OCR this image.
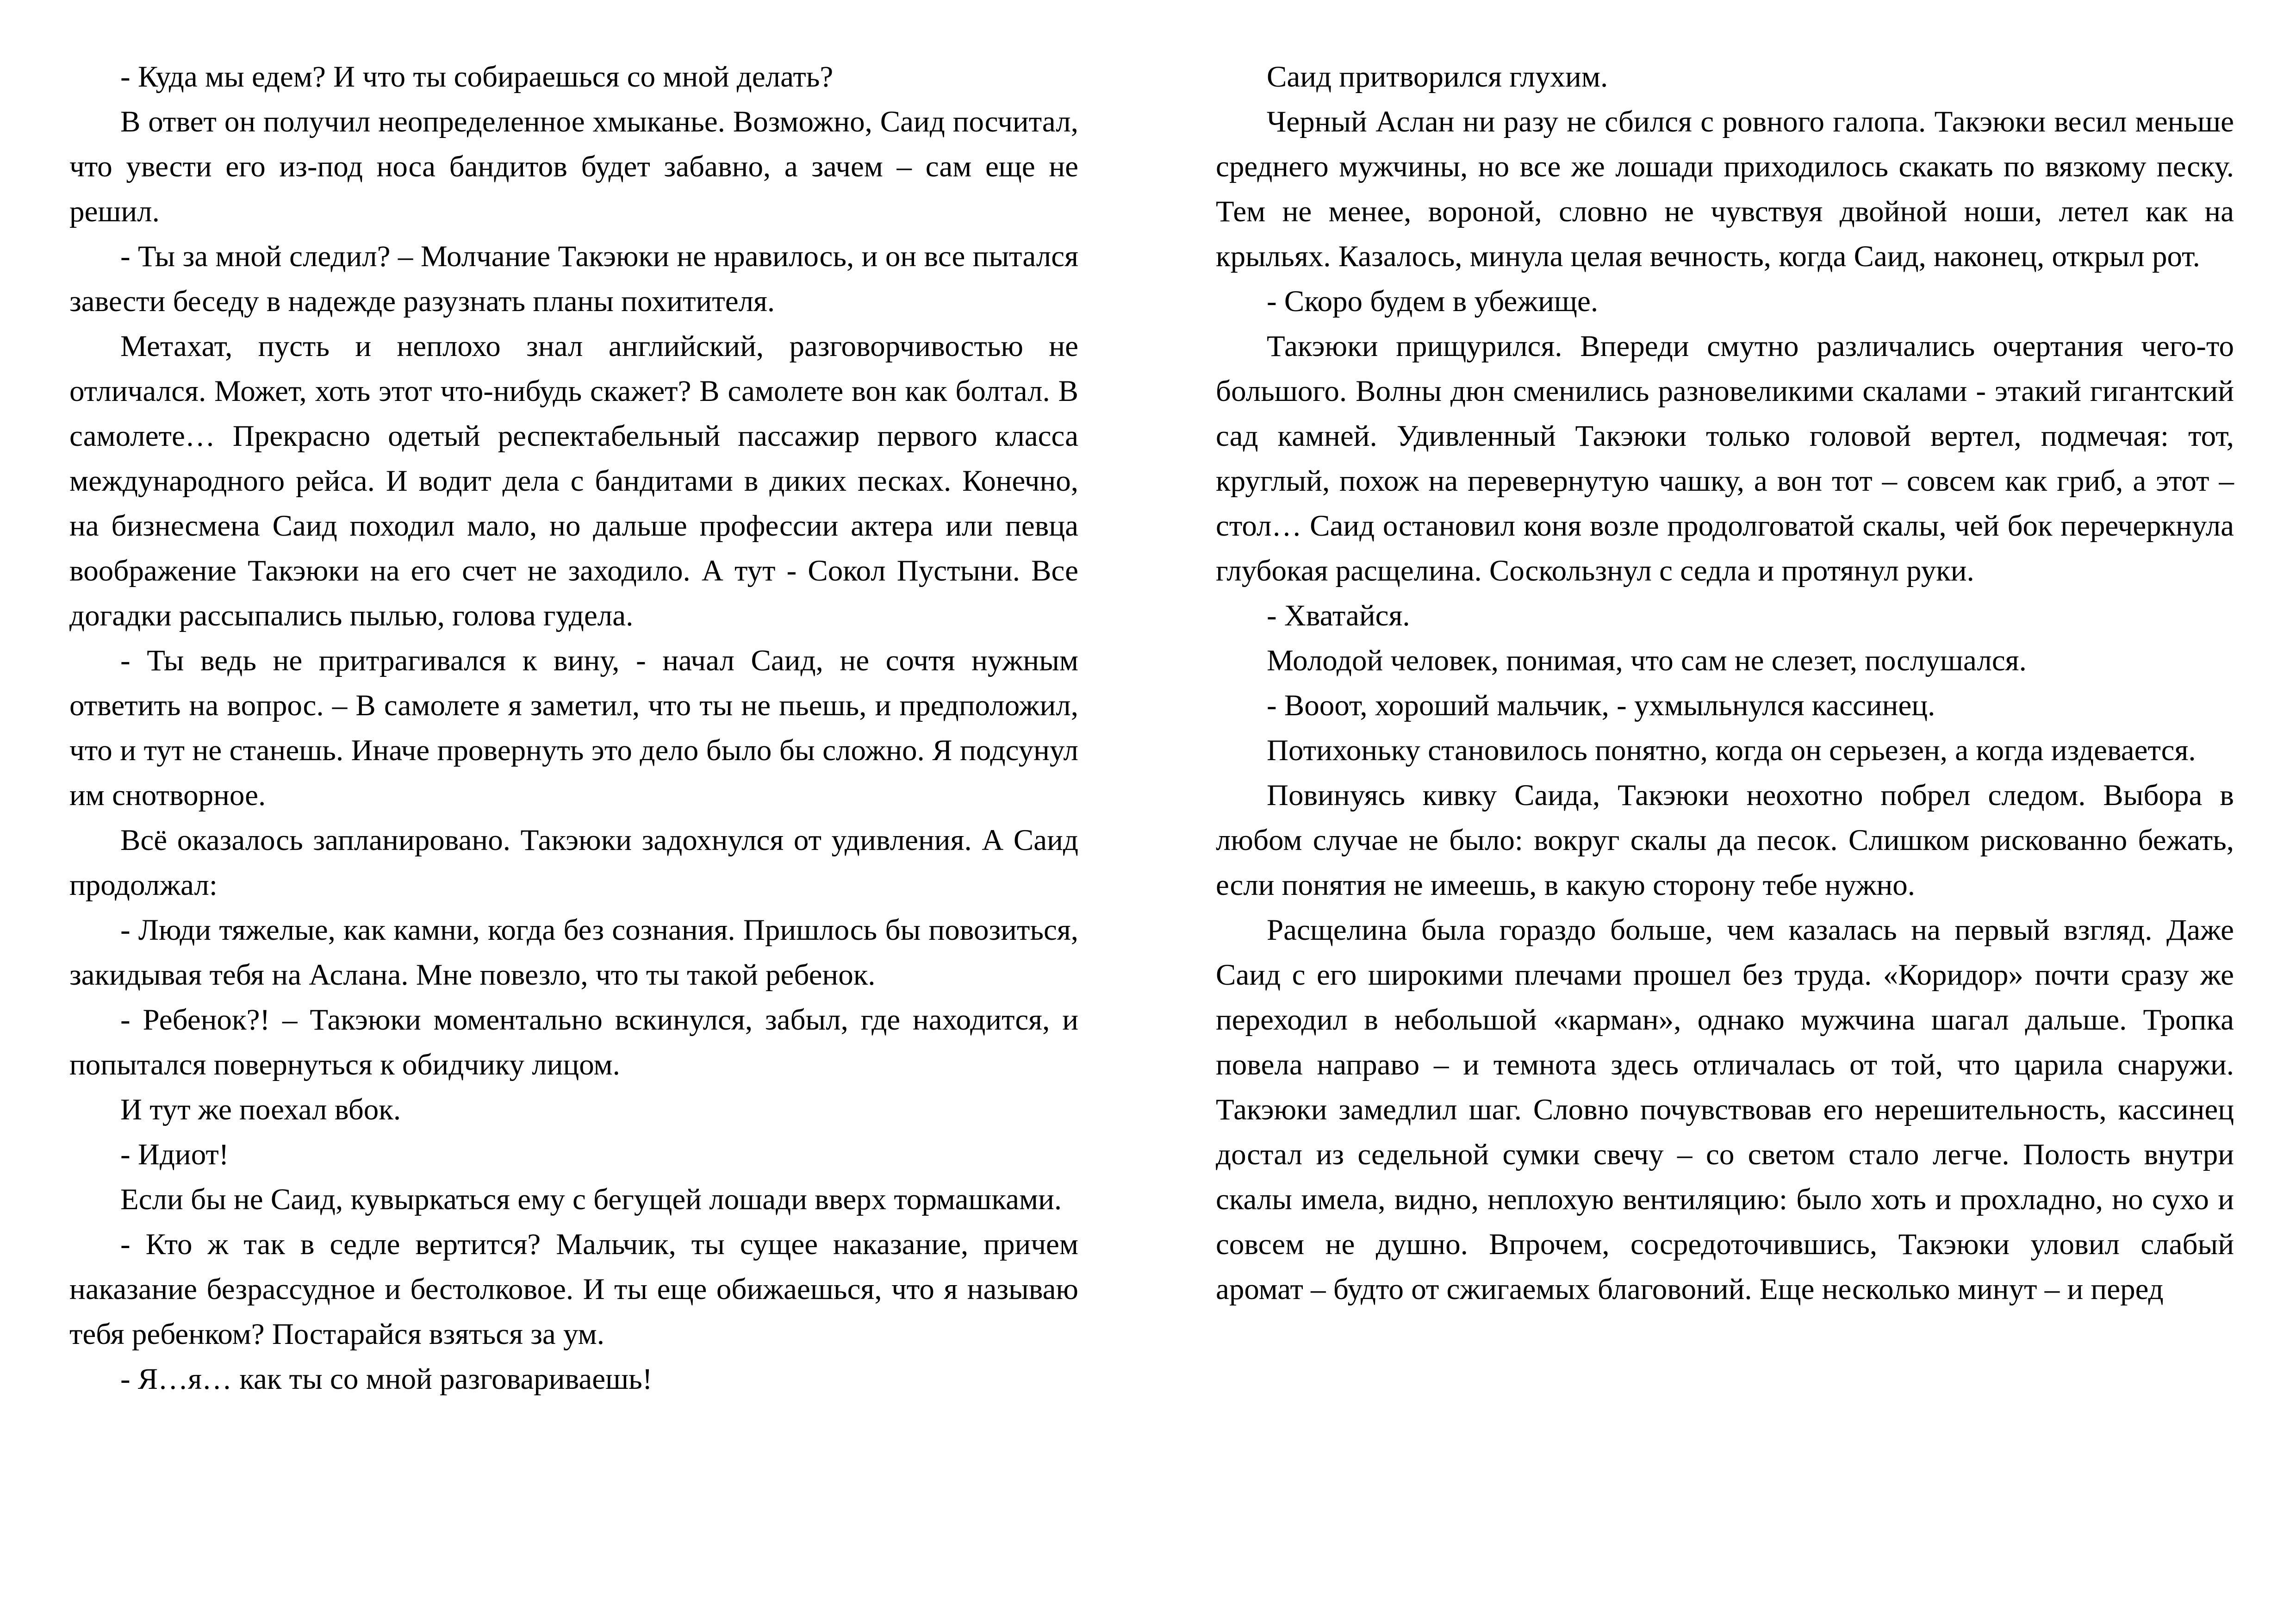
- Куда мы едем? И что ты собираешься со мной делать?

В ответ он получил неопределенное хмыканье. Возможно, Саид посчитал, что увести его из-под носа бандитов будет забавно, а зачем – сам еще не решил.

- Ты за мной следил? – Молчание Такэюки не нравилось, и он все пытался завести беседу в надежде разузнать планы похитителя.

Метахат, пусть и неплохо знал английский, разговорчивостью не отличался. Может, хоть этот что-нибудь скажет? В самолете вон как болтал. В самолете… Прекрасно одетый респектабельный пассажир первого класса международного рейса. И водит дела с бандитами в диких песках. Конечно, на бизнесмена Саид походил мало, но дальше профессии актера или певца воображение Такэюки на его счет не заходило. А тут - Сокол Пустыни. Все догадки рассыпались пылью, голова гудела.

- Ты ведь не притрагивался к вину, - начал Саид, не сочтя нужным ответить на вопрос. – В самолете я заметил, что ты не пьешь, и предположил, что и тут не станешь. Иначе провернуть это дело было бы сложно. Я подсунул им снотворное.

Всё оказалось запланировано. Такэюки задохнулся от удивления. А Саид продолжал:

- Люди тяжелые, как камни, когда без сознания. Пришлось бы повозиться, закидывая тебя на Аслана. Мне повезло, что ты такой ребенок.

- Ребенок?! – Такэюки моментально вскинулся, забыл, где находится, и попытался повернуться к обидчику лицом.

И тут же поехал вбок.

- Идиот!

Если бы не Саид, кувыркаться ему с бегущей лошади вверх тормашками.

- Кто ж так в седле вертится? Мальчик, ты сущее наказание, причем наказание безрассудное и бестолковое. И ты еще обижаешься, что я называю тебя ребенком? Постарайся взяться за ум.

- Я…я… как ты со мной разговариваешь!

Саид притворился глухим.

Черный Аслан ни разу не сбился с ровного галопа. Такэюки весил меньше среднего мужчины, но все же лошади приходилось скакать по вязкому песку. Тем не менее, вороной, словно не чувствуя двойной ноши, летел как на крыльях. Казалось, минула целая вечность, когда Саид, наконец, открыл рот.

- Скоро будем в убежище.

Такэюки прищурился. Впереди смутно различались очертания чего-то большого. Волны дюн сменились разновеликими скалами - этакий гигантский сад камней. Удивленный Такэюки только головой вертел, подмечая: тот, круглый, похож на перевернутую чашку, а вон тот – совсем как гриб, а этот – стол… Саид остановил коня возле продолговатой скалы, чей бок перечеркнула глубокая расщелина. Соскользнул с седла и протянул руки.

- Хватайся.

Молодой человек, понимая, что сам не слезет, послушался.

- Вооот, хороший мальчик, - ухмыльнулся кассинец.

Потихоньку становилось понятно, когда он серьезен, а когда издевается.

Повинуясь кивку Саида, Такэюки неохотно побрел следом. Выбора в любом случае не было: вокруг скалы да песок. Слишком рискованно бежать, если понятия не имеешь, в какую сторону тебе нужно.

Расщелина была гораздо больше, чем казалась на первый взгляд. Даже Саид с его широкими плечами прошел без труда. «Коридор» почти сразу же переходил в небольшой «карман», однако мужчина шагал дальше. Тропка повела направо – и темнота здесь отличалась от той, что царила снаружи. Такэюки замедлил шаг. Словно почувствовав его нерешительность, кассинец достал из седельной сумки свечу – со светом стало легче. Полость внутри скалы имела, видно, неплохую вентиляцию: было хоть и прохладно, но сухо и совсем не душно. Впрочем, сосредоточившись, Такэюки уловил слабый аромат – будто от сжигаемых благовоний. Еще несколько минут – и перед
